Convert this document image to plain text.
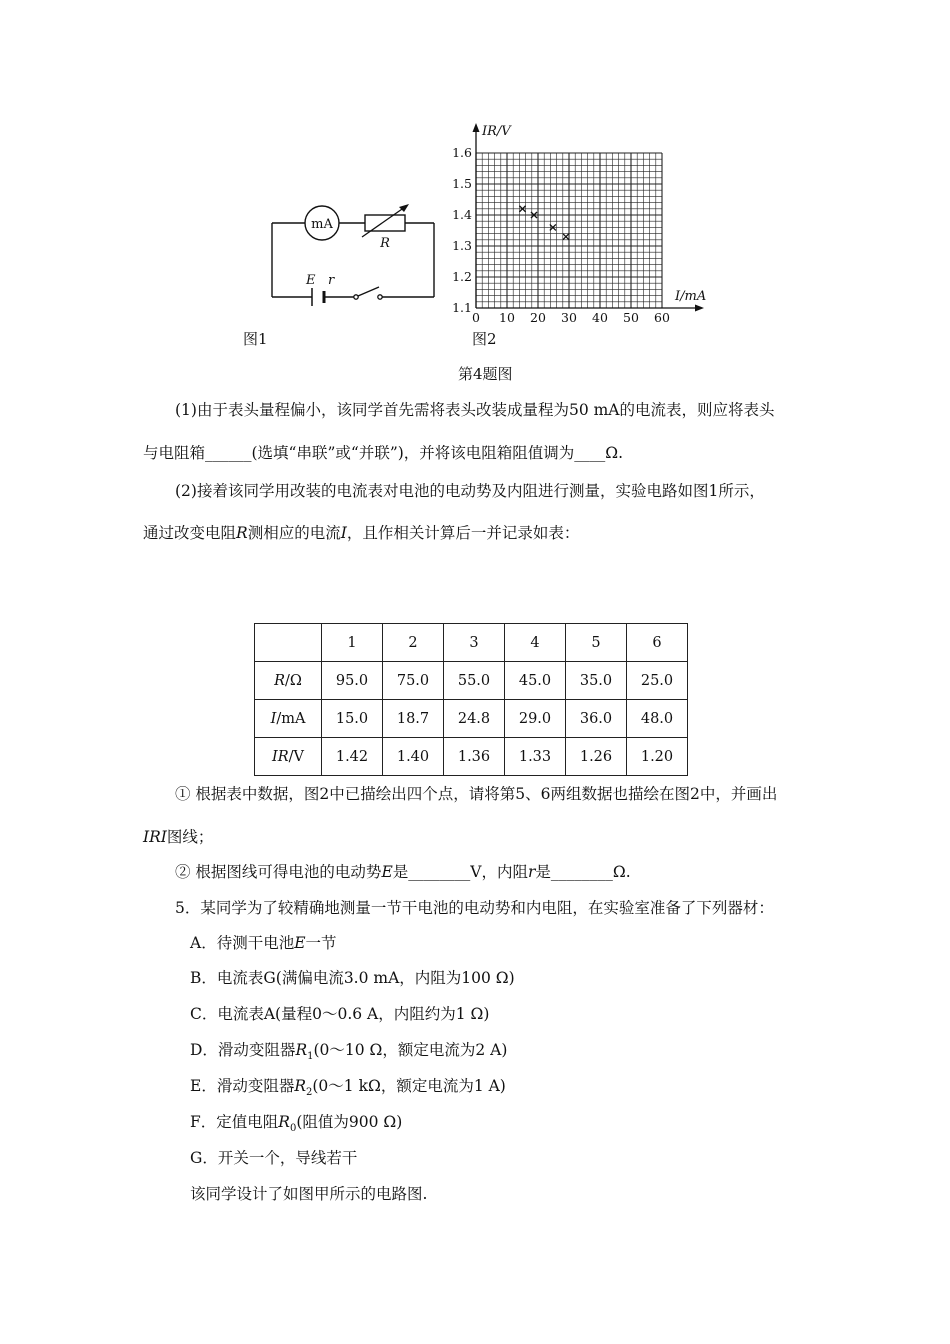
mA
R
E r
图1
IR/V
I/mA
0 10 20 30 40 50 60
1.1
1.2
1.3
1.4
1.5
1.6
图2
第4题图
(1)由于表头量程偏小，该同学首先需将表头改装成量程为50 mA的电流表，则应将表头
与电阻箱______(选填“串联”或“并联”)，并将该电阻箱阻值调为____Ω.
(2)接着该同学用改装的电流表对电池的电动势及内阻进行测量，实验电路如图1所示，
通过改变电阻R测相应的电流I，且作相关计算后一并记录如表：
	1	2	3	4	5	6
R/Ω	95.0	75.0	55.0	45.0	35.0	25.0
I/mA	15.0	18.7	24.8	29.0	36.0	48.0
IR/V	1.42	1.40	1.36	1.33	1.26	1.20
① 根据表中数据，图2中已描绘出四个点，请将第5、6两组数据也描绘在图2中，并画出
IRI图线；
② 根据图线可得电池的电动势E是________V，内阻r是________Ω.
5．某同学为了较精确地测量一节干电池的电动势和内电阻，在实验室准备了下列器材：
A．待测干电池E一节
B．电流表G(满偏电流3.0 mA，内阻为100 Ω)
C．电流表A(量程0～0.6 A，内阻约为1 Ω)
D．滑动变阻器$R_1(0\sim 10$ Ω，额定电流为2 A)
E．滑动变阻器$R_2(0\sim 1$ kΩ，额定电流为1 A)
F．定值电阻$R_0$(阻值为900 Ω)
G．开关一个，导线若干
该同学设计了如图甲所示的电路图.
